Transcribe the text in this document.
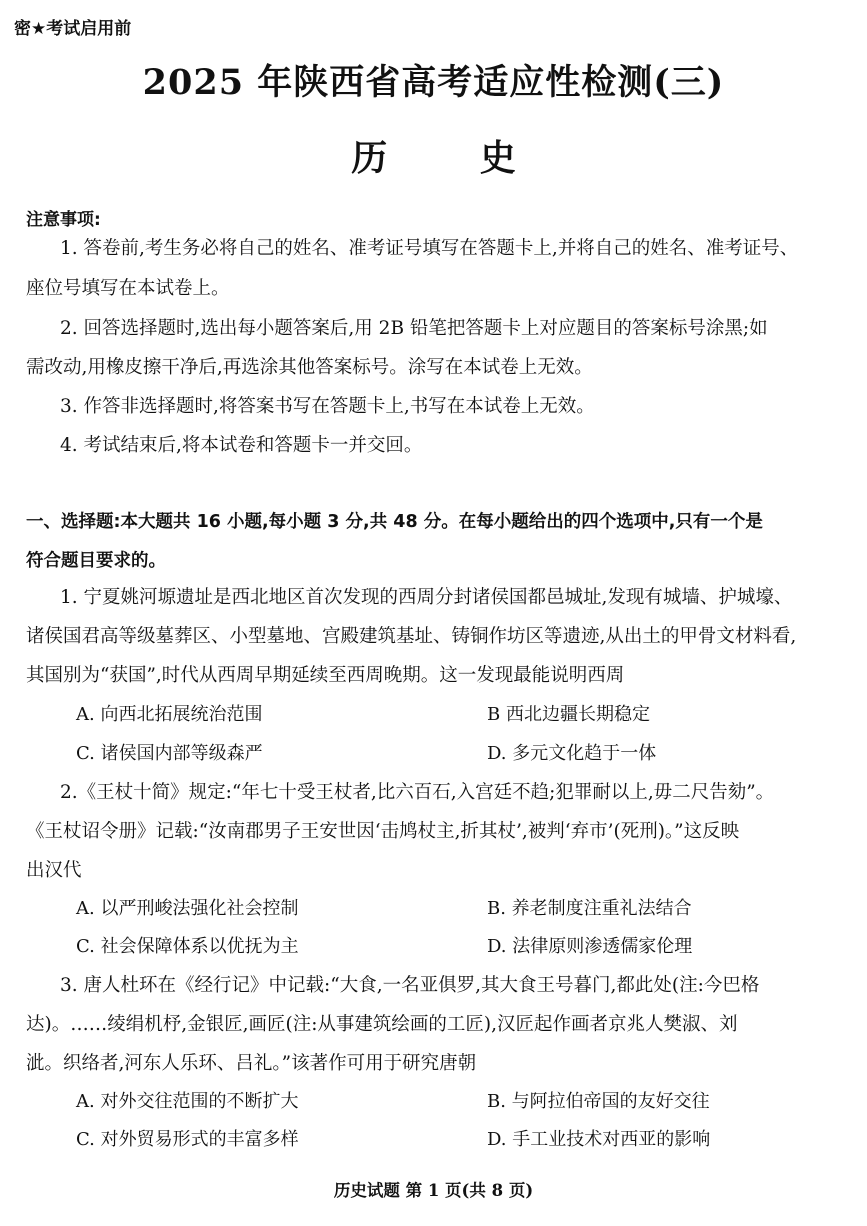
密★考试启用前
2025 年陕西省高考适应性检测(三)
历 史
注意事项:
1. 答卷前,考生务必将自己的姓名、准考证号填写在答题卡上,并将自己的姓名、准考证号、
座位号填写在本试卷上。
2. 回答选择题时,选出每小题答案后,用 2B 铅笔把答题卡上对应题目的答案标号涂黑;如
需改动,用橡皮擦干净后,再选涂其他答案标号。涂写在本试卷上无效。
3. 作答非选择题时,将答案书写在答题卡上,书写在本试卷上无效。
4. 考试结束后,将本试卷和答题卡一并交回。
一、选择题:本大题共 16 小题,每小题 3 分,共 48 分。在每小题给出的四个选项中,只有一个是
符合题目要求的。
1. 宁夏姚河塬遗址是西北地区首次发现的西周分封诸侯国都邑城址,发现有城墙、护城壕、
诸侯国君高等级墓葬区、小型墓地、宫殿建筑基址、铸铜作坊区等遗迹,从出土的甲骨文材料看,
其国别为“获国”,时代从西周早期延续至西周晚期。这一发现最能说明西周
A. 向西北拓展统治范围	B 西北边疆长期稳定
C. 诸侯国内部等级森严	D. 多元文化趋于一体
2.《王杖十简》规定:“年七十受王杖者,比六百石,入宫廷不趋;犯罪耐以上,毋二尺告劾”。
《王杖诏令册》记载:“汝南郡男子王安世因‘击鸠杖主,折其杖’,被判‘弃市’(死刑)。”这反映
出汉代
A. 以严刑峻法强化社会控制	B. 养老制度注重礼法结合
C. 社会保障体系以优抚为主	D. 法律原则渗透儒家伦理
3. 唐人杜环在《经行记》中记载:“大食,一名亚俱罗,其大食王号暮门,都此处(注:今巴格
达)。……绫绢机杼,金银匠,画匠(注:从事建筑绘画的工匠),汉匠起作画者京兆人樊淑、刘
泚。织络者,河东人乐环、吕礼。”该著作可用于研究唐朝
A. 对外交往范围的不断扩大	B. 与阿拉伯帝国的友好交往
C. 对外贸易形式的丰富多样	D. 手工业技术对西亚的影响
历史试题 第 1 页(共 8 页)
